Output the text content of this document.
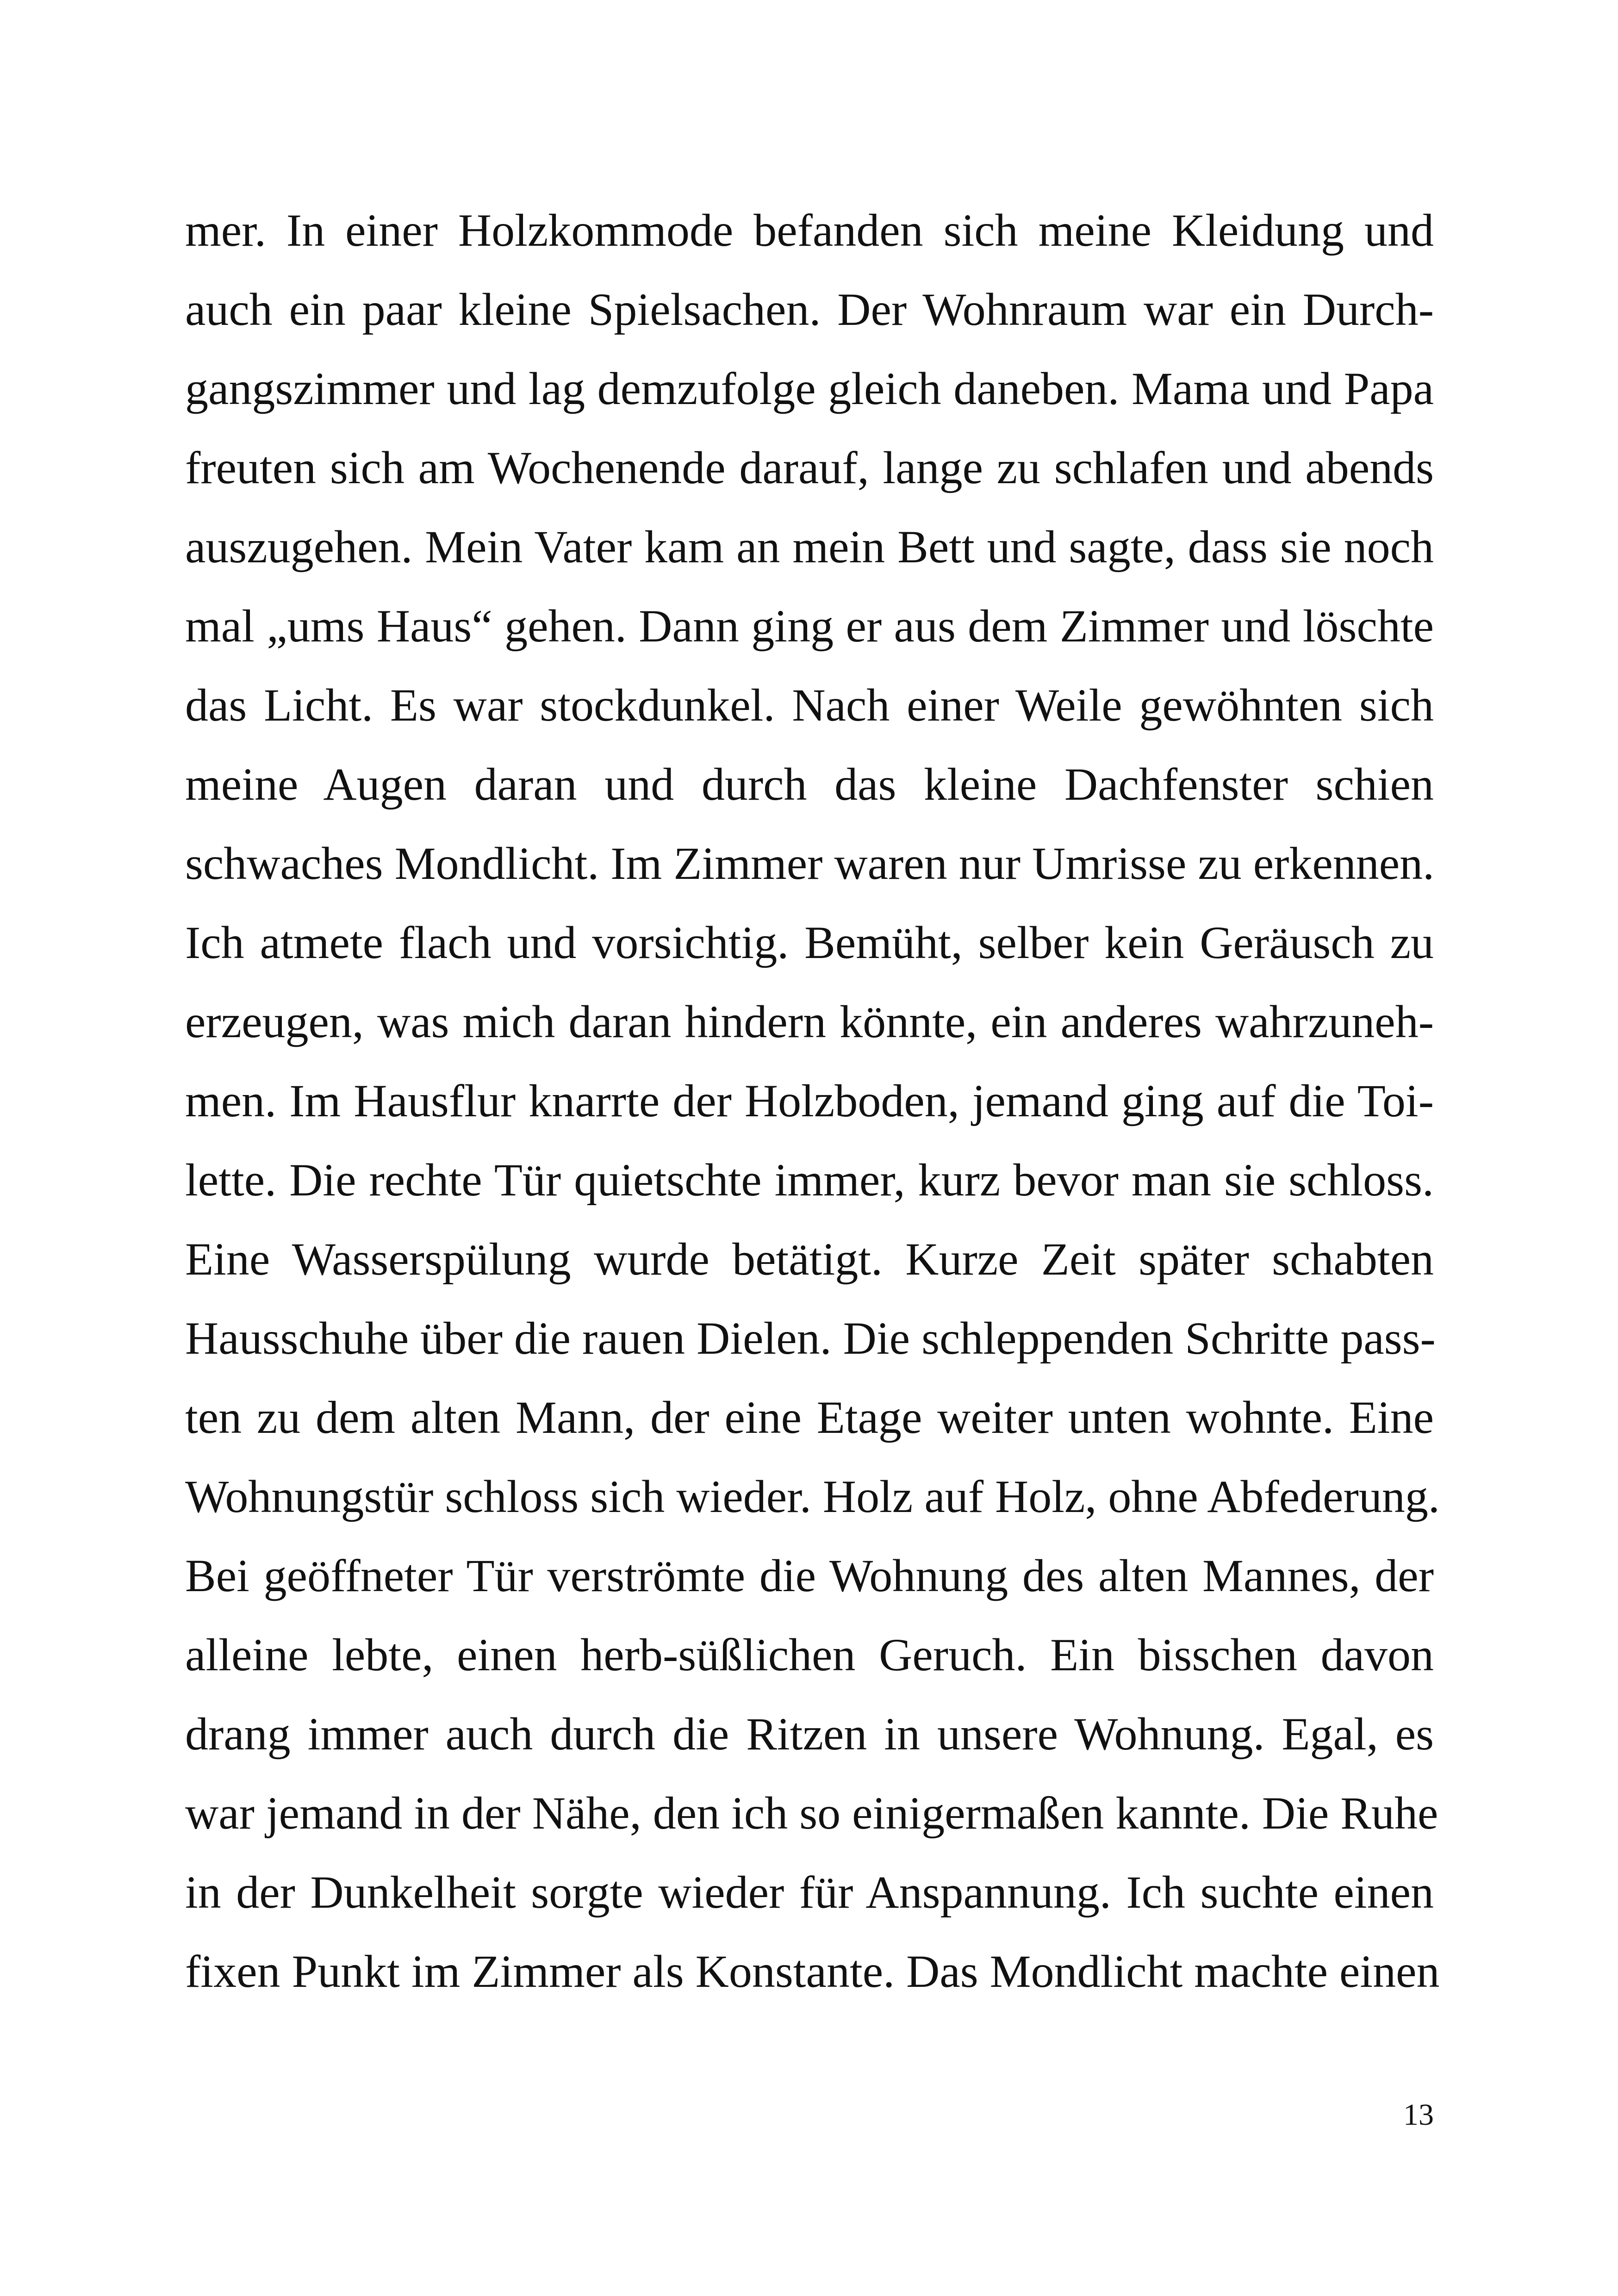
mer. In einer Holzkommode befanden sich meine Kleidung und
auch ein paar kleine Spielsachen. Der Wohnraum war ein Durch-
gangszimmer und lag demzufolge gleich daneben. Mama und Papa
freuten sich am Wochenende darauf, lange zu schlafen und abends
auszugehen. Mein Vater kam an mein Bett und sagte, dass sie noch
mal „ums Haus“ gehen. Dann ging er aus dem Zimmer und löschte
das Licht. Es war stockdunkel. Nach einer Weile gewöhnten sich
meine Augen daran und durch das kleine Dachfenster schien
schwaches Mondlicht. Im Zimmer waren nur Umrisse zu erkennen.
Ich atmete flach und vorsichtig. Bemüht, selber kein Geräusch zu
erzeugen, was mich daran hindern könnte, ein anderes wahrzuneh-
men. Im Hausflur knarrte der Holzboden, jemand ging auf die Toi-
lette. Die rechte Tür quietschte immer, kurz bevor man sie schloss.
Eine Wasserspülung wurde betätigt. Kurze Zeit später schabten
Hausschuhe über die rauen Dielen. Die schleppenden Schritte pass-
ten zu dem alten Mann, der eine Etage weiter unten wohnte. Eine
Wohnungstür schloss sich wieder. Holz auf Holz, ohne Abfederung.
Bei geöffneter Tür verströmte die Wohnung des alten Mannes, der
alleine lebte, einen herb-süßlichen Geruch. Ein bisschen davon
drang immer auch durch die Ritzen in unsere Wohnung. Egal, es
war jemand in der Nähe, den ich so einigermaßen kannte. Die Ruhe
in der Dunkelheit sorgte wieder für Anspannung. Ich suchte einen
fixen Punkt im Zimmer als Konstante. Das Mondlicht machte einen
13
